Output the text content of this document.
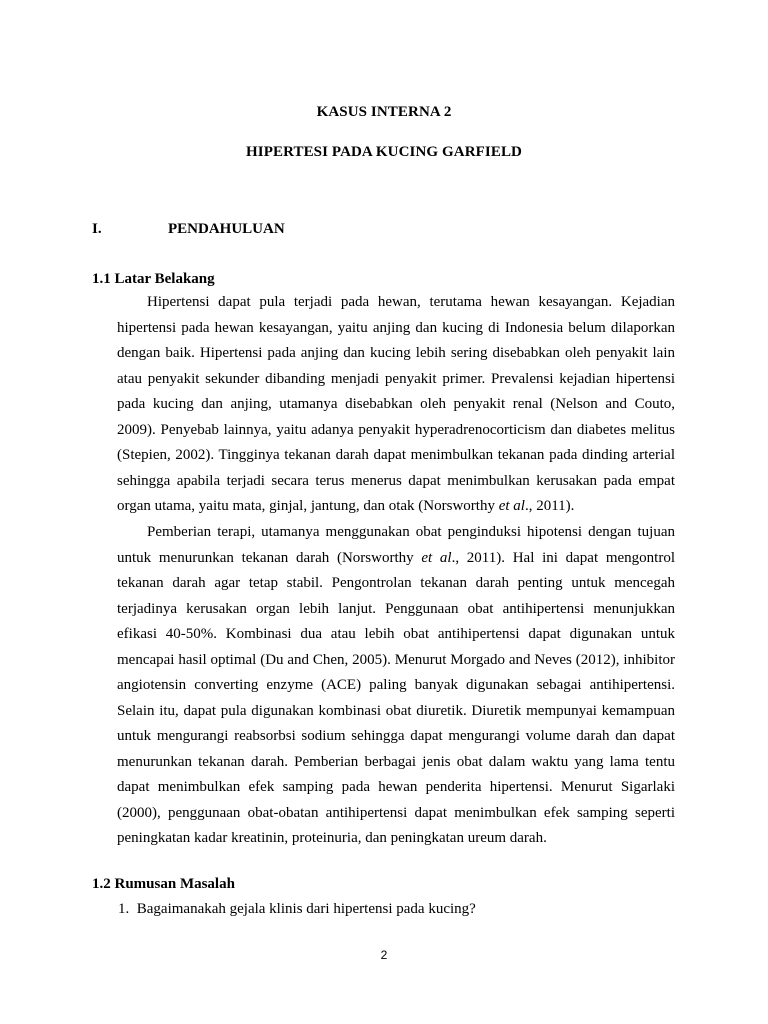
KASUS INTERNA 2
HIPERTESI PADA KUCING GARFIELD
I.	PENDAHULUAN
1.1 Latar Belakang
Hipertensi dapat pula terjadi pada hewan, terutama hewan kesayangan. Kejadian hipertensi pada hewan kesayangan, yaitu anjing dan kucing di Indonesia belum dilaporkan dengan baik. Hipertensi pada anjing dan kucing lebih sering disebabkan oleh penyakit lain atau penyakit sekunder dibanding menjadi penyakit primer. Prevalensi kejadian hipertensi pada kucing dan anjing, utamanya disebabkan oleh penyakit renal (Nelson and Couto, 2009). Penyebab lainnya, yaitu adanya penyakit hyperadrenocorticism dan diabetes melitus (Stepien, 2002). Tingginya tekanan darah dapat menimbulkan tekanan pada dinding arterial sehingga apabila terjadi secara terus menerus dapat menimbulkan kerusakan pada empat organ utama, yaitu mata, ginjal, jantung, dan otak (Norsworthy et al., 2011).
Pemberian terapi, utamanya menggunakan obat penginduksi hipotensi dengan tujuan untuk menurunkan tekanan darah (Norsworthy et al., 2011). Hal ini dapat mengontrol tekanan darah agar tetap stabil. Pengontrolan tekanan darah penting untuk mencegah terjadinya kerusakan organ lebih lanjut. Penggunaan obat antihipertensi menunjukkan efikasi 40-50%. Kombinasi dua atau lebih obat antihipertensi dapat digunakan untuk mencapai hasil optimal (Du and Chen, 2005). Menurut Morgado and Neves (2012), inhibitor angiotensin converting enzyme (ACE) paling banyak digunakan sebagai antihipertensi. Selain itu, dapat pula digunakan kombinasi obat diuretik. Diuretik mempunyai kemampuan untuk mengurangi reabsorbsi sodium sehingga dapat mengurangi volume darah dan dapat menurunkan tekanan darah. Pemberian berbagai jenis obat dalam waktu yang lama tentu dapat menimbulkan efek samping pada hewan penderita hipertensi. Menurut Sigarlaki (2000), penggunaan obat-obatan antihipertensi dapat menimbulkan efek samping seperti peningkatan kadar kreatinin, proteinuria, dan peningkatan ureum darah.
1.2 Rumusan Masalah
1.  Bagaimanakah gejala klinis dari hipertensi pada kucing?
2
